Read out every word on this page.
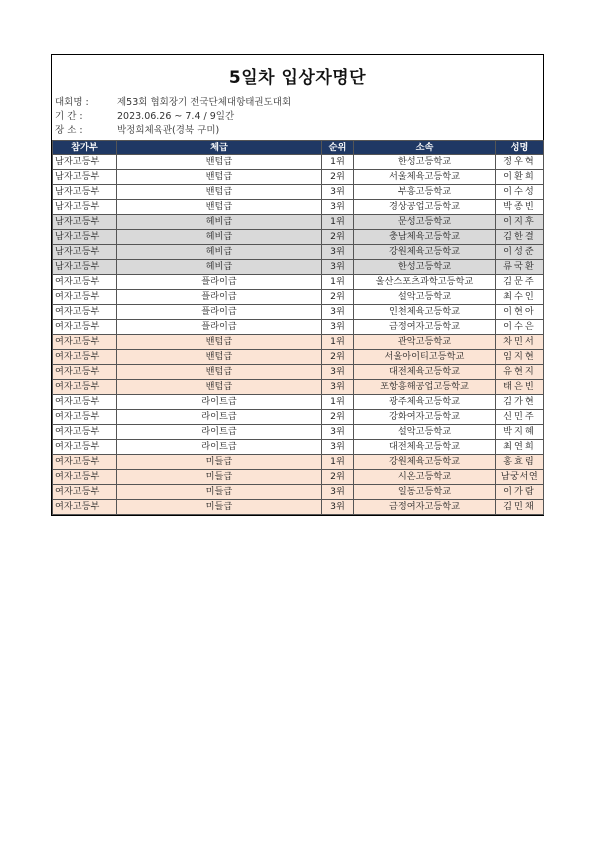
5일차 입상자명단
대회명 :	제53회 협회장기 전국단체대항태권도대회
기 간 :	2023.06.26 ~ 7.4 / 9일간
장 소 :	박정희체육관(경북 구미)
참가부	체급	순위	소속	성명
남자고등부	밴텀급	1위	한성고등학교	정우혁
남자고등부	밴텀급	2위	서울체육고등학교	이환희
남자고등부	밴텀급	3위	부흥고등학교	이수성
남자고등부	밴텀급	3위	경상공업고등학교	박종빈
남자고등부	헤비급	1위	문성고등학교	이지후
남자고등부	헤비급	2위	충남체육고등학교	김한결
남자고등부	헤비급	3위	강원체육고등학교	이성준
남자고등부	헤비급	3위	한성고등학교	류국환
여자고등부	플라이급	1위	울산스포츠과학고등학교	김문주
여자고등부	플라이급	2위	설악고등학교	최수인
여자고등부	플라이급	3위	인천체육고등학교	이현아
여자고등부	플라이급	3위	금정여자고등학교	이수은
여자고등부	밴텀급	1위	관악고등학교	차민서
여자고등부	밴텀급	2위	서울아이티고등학교	임지현
여자고등부	밴텀급	3위	대전체육고등학교	유현지
여자고등부	밴텀급	3위	포항흥해공업고등학교	태은빈
여자고등부	라이트급	1위	광주체육고등학교	김가현
여자고등부	라이트급	2위	강화여자고등학교	신민주
여자고등부	라이트급	3위	설악고등학교	박지혜
여자고등부	라이트급	3위	대전체육고등학교	최연희
여자고등부	미들급	1위	강원체육고등학교	홍효림
여자고등부	미들급	2위	시온고등학교	남궁서연
여자고등부	미들급	3위	일동고등학교	이가람
여자고등부	미들급	3위	금정여자고등학교	김민채
